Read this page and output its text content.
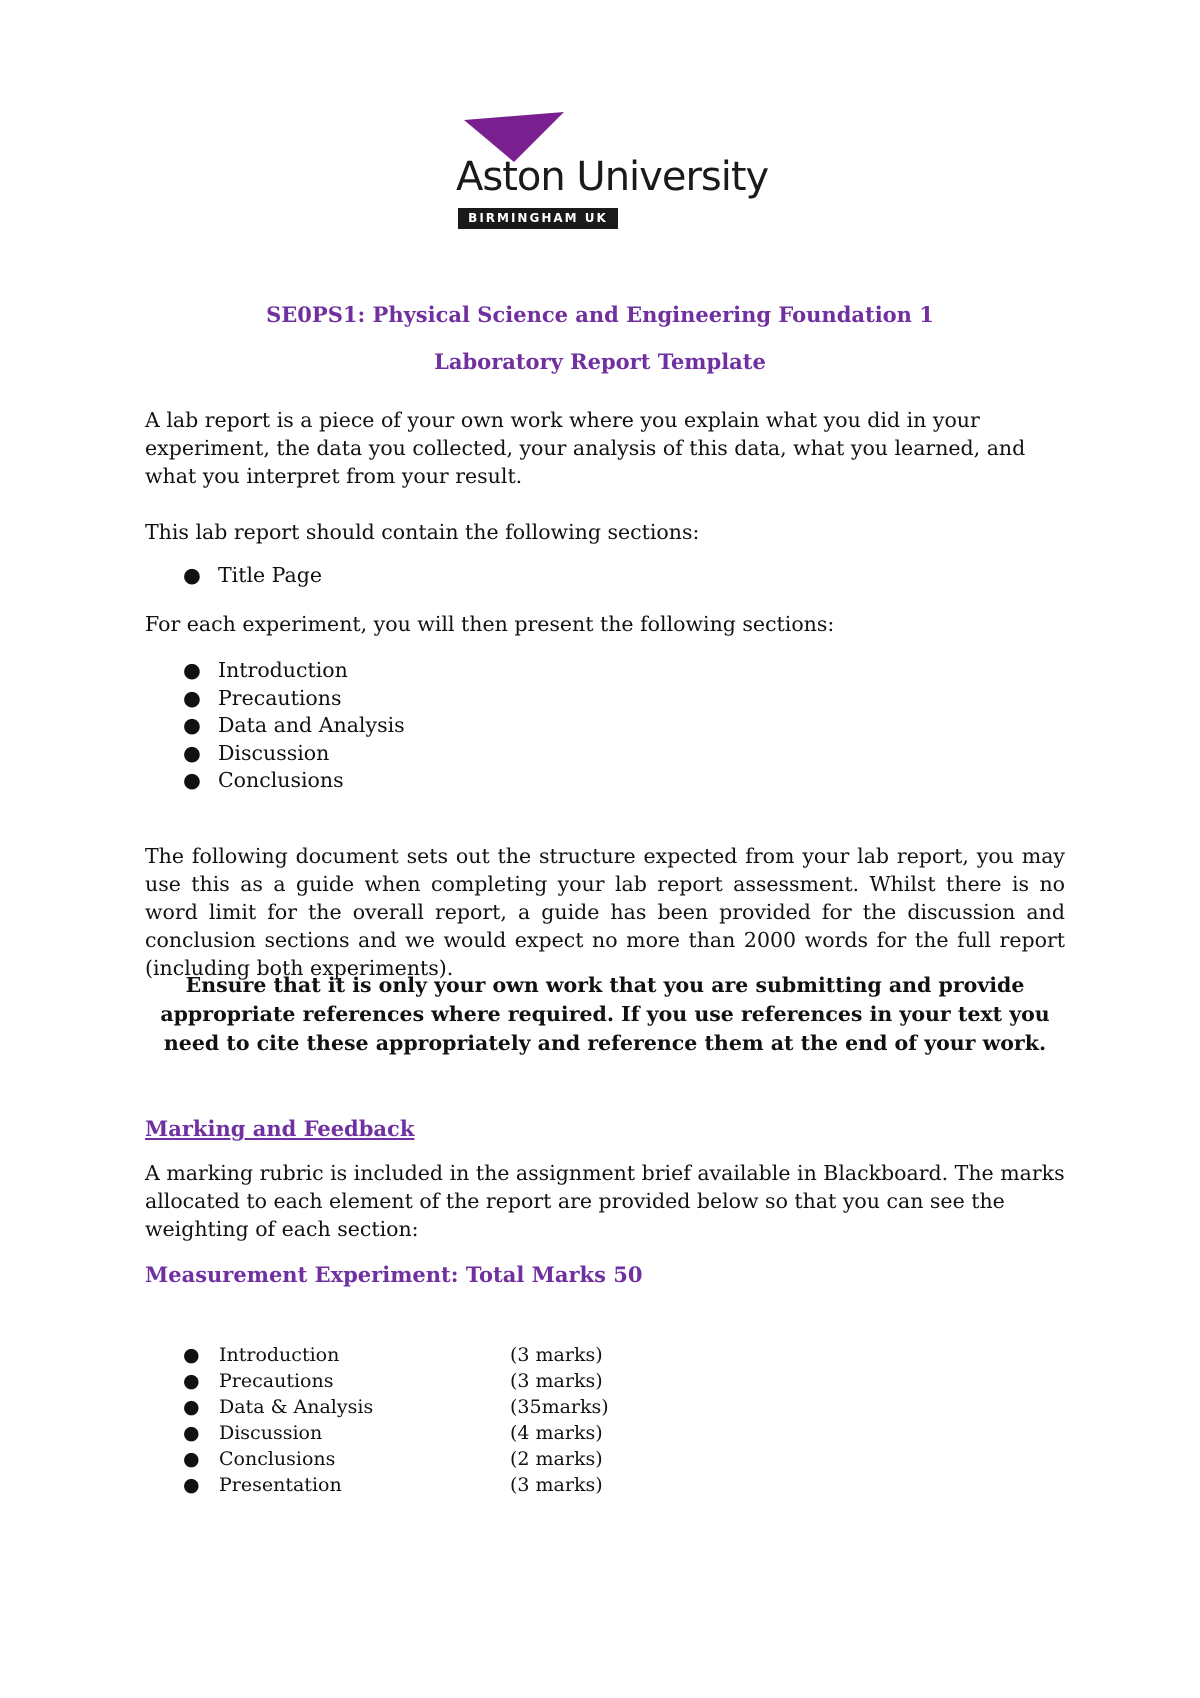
Aston University
BIRMINGHAM UK
SE0PS1: Physical Science and Engineering Foundation 1
Laboratory Report Template

A lab report is a piece of your own work where you explain what you did in your experiment, the data you collected, your analysis of this data, what you learned, and what you interpret from your result.

This lab report should contain the following sections:

● Title Page

For each experiment, you will then present the following sections:

● Introduction
● Precautions
● Data and Analysis
● Discussion
● Conclusions

The following document sets out the structure expected from your lab report, you may use this as a guide when completing your lab report assessment. Whilst there is no word limit for the overall report, a guide has been provided for the discussion and conclusion sections and we would expect no more than 2000 words for the full report (including both experiments).

Ensure that it is only your own work that you are submitting and provide appropriate references where required. If you use references in your text you need to cite these appropriately and reference them at the end of your work.
Marking and Feedback

A marking rubric is included in the assignment brief available in Blackboard. The marks allocated to each element of the report are provided below so that you can see the weighting of each section:

Measurement Experiment: Total Marks 50
● Introduction	(3 marks)
● Precautions	(3 marks)
● Data & Analysis	(35marks)
● Discussion	(4 marks)
● Conclusions	(2 marks)
● Presentation	(3 marks)
